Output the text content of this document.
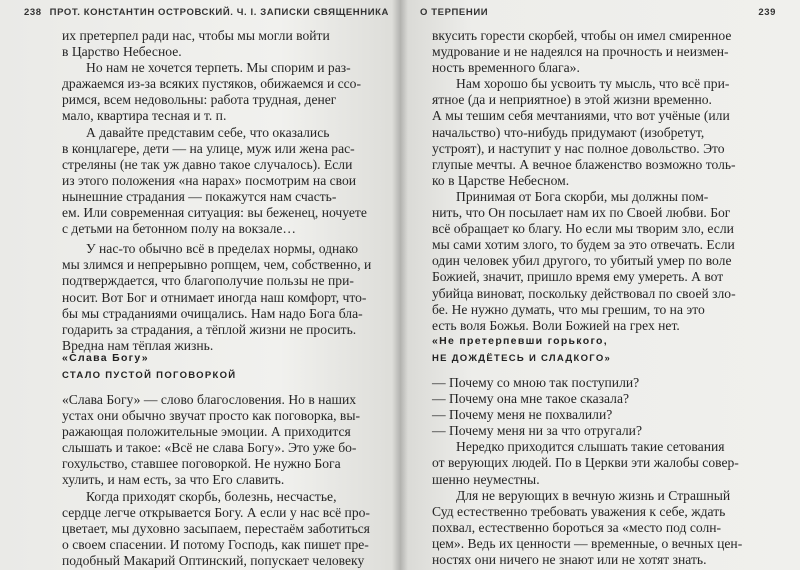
238 ПРОТ. КОНСТАНТИН ОСТРОВСКИЙ. Ч. I. ЗАПИСКИ СВЯЩЕННИКА	О ТЕРПЕНИИ	239
их претерпел ради нас, чтобы мы могли войти
в Царство Небесное.
Но нам не хочется терпеть. Мы спорим и раз-
дражаемся из-за всяких пустяков, обижаемся и ссо-
римся, всем недовольны: работа трудная, денег
мало, квартира тесная и т. п.
А давайте представим себе, что оказались
в концлагере, дети — на улице, муж или жена рас-
стреляны (не так уж давно такое случалось). Если
из этого положения «на нарах» посмотрим на свои
нынешние страдания — покажутся нам счасть-
ем. Или современная ситуация: вы беженец, ночуете
с детьми на бетонном полу на вокзале…
У нас-то обычно всё в пределах нормы, однако
мы злимся и непрерывно ропщем, чем, собственно, и
подтверждается, что благополучие пользы не при-
носит. Вот Бог и отнимает иногда наш комфорт, что-
бы мы страданиями очищались. Нам надо Бога бла-
годарить за страдания, а тёплой жизни не просить.
Вредна нам тёплая жизнь.
«Слава Богу»
СТАЛО ПУСТОЙ ПОГОВОРКОЙ
«Слава Богу» — слово благословения. Но в наших
устах они обычно звучат просто как поговорка, вы-
ражающая положительные эмоции. А приходится
слышать и такое: «Всё не слава Богу». Это уже бо-
гохульство, ставшее поговоркой. Не нужно Бога
хулить, и нам есть, за что Его славить.
Когда приходят скорбь, болезнь, несчастье,
сердце легче открывается Богу. А если у нас всё про-
цветает, мы духовно засыпаем, перестаём заботиться
о своем спасении. И потому Господь, как пишет пре-
подобный Макарий Оптинский, попускает человеку
вкусить горести скорбей, чтобы он имел смиренное
мудрование и не надеялся на прочность и неизмен-
ность временного блага».
Нам хорошо бы усвоить ту мысль, что всё при-
ятное (да и неприятное) в этой жизни временно.
А мы тешим себя мечтаниями, что вот учёные (или
начальство) что-нибудь придумают (изобретут,
устроят), и наступит у нас полное довольство. Это
глупые мечты. А вечное блаженство возможно толь-
ко в Царстве Небесном.
Принимая от Бога скорби, мы должны пом-
нить, что Он посылает нам их по Своей любви. Бог
всё обращает ко благу. Но если мы творим зло, если
мы сами хотим злого, то будем за это отвечать. Если
один человек убил другого, то убитый умер по воле
Божией, значит, пришло время ему умереть. А вот
убийца виноват, поскольку действовал по своей зло-
бе. Не нужно думать, что мы грешим, то на это
есть воля Божья. Воли Божией на грех нет.
«Не претерпевши горького,
НЕ ДОЖДЁТЕСЬ И СЛАДКОГО»
— Почему со мною так поступили?
— Почему она мне такое сказала?
— Почему меня не похвалили?
— Почему меня ни за что отругали?
Нередко приходится слышать такие сетования
от верующих людей. По в Церкви эти жалобы совер-
шенно неуместны.
Для не верующих в вечную жизнь и Страшный
Суд естественно требовать уважения к себе, ждать
похвал, естественно бороться за «место под солн-
цем». Ведь их ценности — временные, о вечных цен-
ностях они ничего не знают или не хотят знать.
